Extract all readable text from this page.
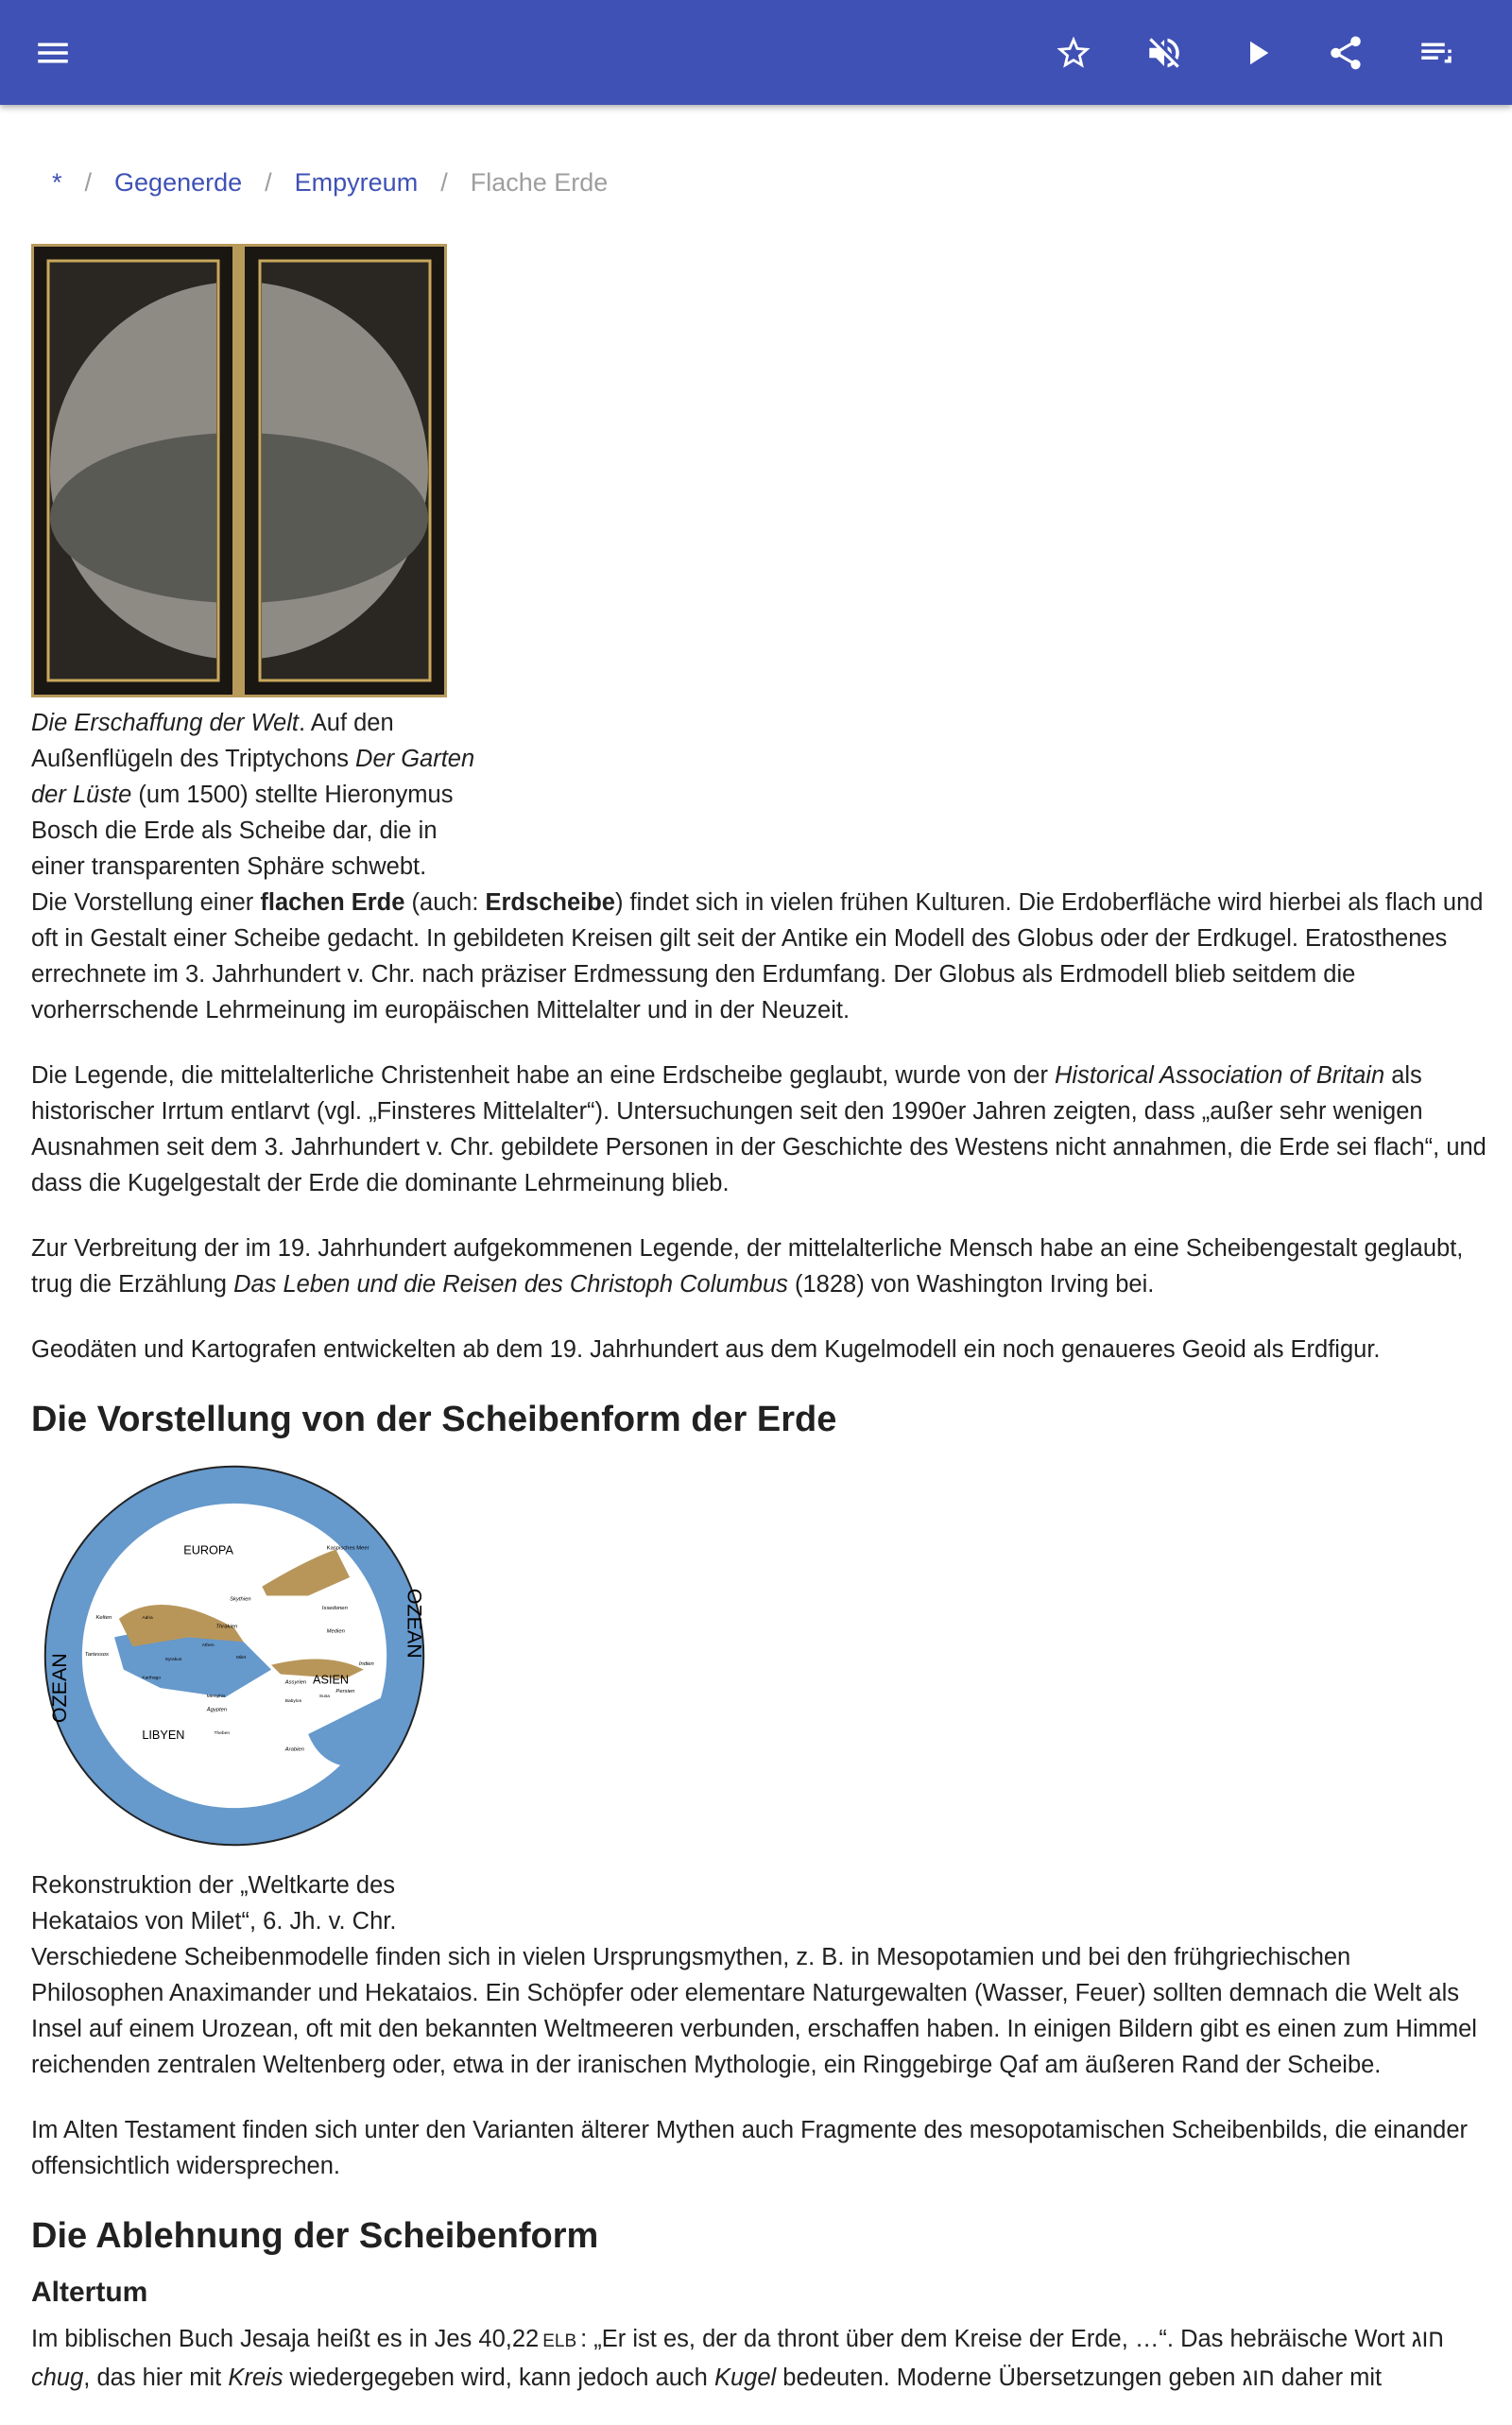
* / Gegenerde / Empyreum / Flache Erde
Die Erschaffung der Welt. Auf den Außenflügeln des Triptychons Der Garten der Lüste (um 1500) stellte Hieronymus Bosch die Erde als Scheibe dar, die in einer transparenten Sphäre schwebt.

Die Vorstellung einer flachen Erde (auch: Erdscheibe) findet sich in vielen frühen Kulturen. Die Erdoberfläche wird hierbei als flach und oft in Gestalt einer Scheibe gedacht. In gebildeten Kreisen gilt seit der Antike ein Modell des Globus oder der Erdkugel. Eratosthenes errechnete im 3. Jahrhundert v. Chr. nach präziser Erdmessung den Erdumfang. Der Globus als Erdmodell blieb seitdem die vorherrschende Lehrmeinung im europäischen Mittelalter und in der Neuzeit.

Die Legende, die mittelalterliche Christenheit habe an eine Erdscheibe geglaubt, wurde von der Historical Association of Britain als historischer Irrtum entlarvt (vgl. „Finsteres Mittelalter“). Untersuchungen seit den 1990er Jahren zeigten, dass „außer sehr wenigen Ausnahmen seit dem 3. Jahrhundert v. Chr. gebildete Personen in der Geschichte des Westens nicht annahmen, die Erde sei flach“, und dass die Kugelgestalt der Erde die dominante Lehrmeinung blieb.

Zur Verbreitung der im 19. Jahrhundert aufgekommenen Legende, der mittelalterliche Mensch habe an eine Scheibengestalt geglaubt, trug die Erzählung Das Leben und die Reisen des Christoph Columbus (1828) von Washington Irving bei.

Geodäten und Kartografen entwickelten ab dem 19. Jahrhundert aus dem Kugelmodell ein noch genaueres Geoid als Erdfigur.

Die Vorstellung von der Scheibenform der Erde
OZEAN
OZEAN
EUROPA
ASIEN
LIBYEN
Kaspisches Meer
Skythien
Issedonen
Kelten	Adria
Thrakien
Medien
Tartessos
Athen
Syrakus	Milet
Indien
Karthago
Assyrien
Persien
Susa
Babylon
Memphis
Ägypten
Theben
Arabien
Rekonstruktion der „Weltkarte des Hekataios von Milet“, 6. Jh. v. Chr.

Verschiedene Scheibenmodelle finden sich in vielen Ursprungsmythen, z. B. in Mesopotamien und bei den frühgriechischen Philosophen Anaximander und Hekataios. Ein Schöpfer oder elementare Naturgewalten (Wasser, Feuer) sollten demnach die Welt als Insel auf einem Urozean, oft mit den bekannten Weltmeeren verbunden, erschaffen haben. In einigen Bildern gibt es einen zum Himmel reichenden zentralen Weltenberg oder, etwa in der iranischen Mythologie, ein Ringgebirge Qaf am äußeren Rand der Scheibe.

Im Alten Testament finden sich unter den Varianten älterer Mythen auch Fragmente des mesopotamischen Scheibenbilds, die einander offensichtlich widersprechen.

Die Ablehnung der Scheibenform
Altertum

Im biblischen Buch Jesaja heißt es in Jes 40,22 ELB : „Er ist es, der da thront über dem Kreise der Erde, …“. Das hebräische Wort חוג chug, das hier mit Kreis wiedergegeben wird, kann jedoch auch Kugel bedeuten. Moderne Übersetzungen geben חוג daher mit
